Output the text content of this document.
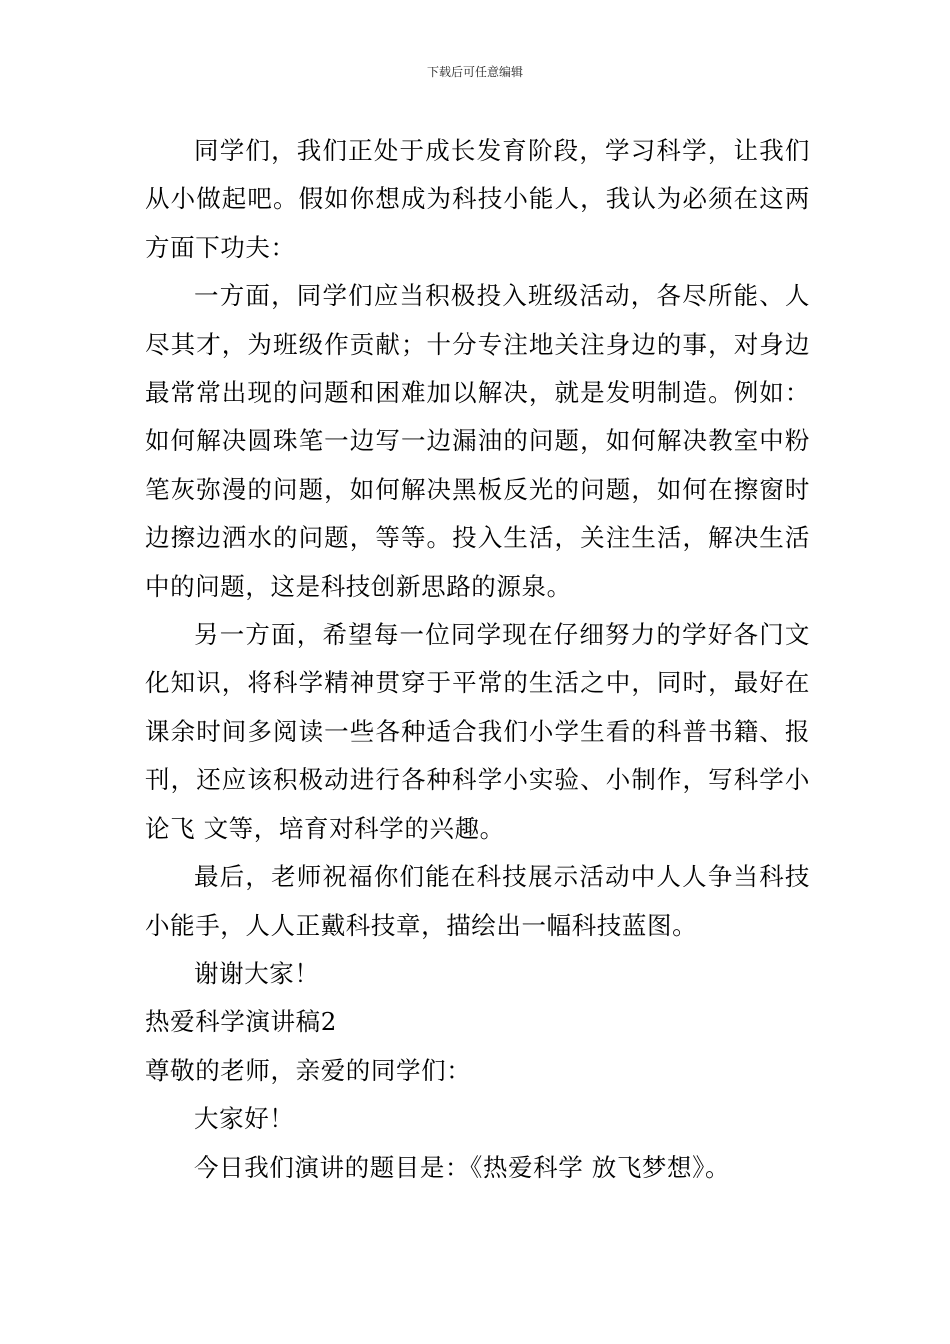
下载后可任意编辑

同学们，我们正处于成长发育阶段，学习科学，让我们从小做起吧。假如你想成为科技小能人，我认为必须在这两方面下功夫：

一方面，同学们应当积极投入班级活动，各尽所能、人尽其才，为班级作贡献；十分专注地关注身边的事，对身边最常常出现的问题和困难加以解决，就是发明制造。例如：如何解决圆珠笔一边写一边漏油的问题，如何解决教室中粉笔灰弥漫的问题，如何解决黑板反光的问题，如何在擦窗时边擦边洒水的问题，等等。投入生活，关注生活，解决生活中的问题，这是科技创新思路的源泉。

另一方面，希望每一位同学现在仔细努力的学好各门文化知识，将科学精神贯穿于平常的生活之中，同时，最好在课余时间多阅读一些各种适合我们小学生看的科普书籍、报刊，还应该积极动进行各种科学小实验、小制作，写科学小论飞 文等，培育对科学的兴趣。

最后，老师祝福你们能在科技展示活动中人人争当科技小能手，人人正戴科技章，描绘出一幅科技蓝图。

谢谢大家！

热爱科学演讲稿2

尊敬的老师，亲爱的同学们：

大家好！

今日我们演讲的题目是：《热爱科学 放飞梦想》。
